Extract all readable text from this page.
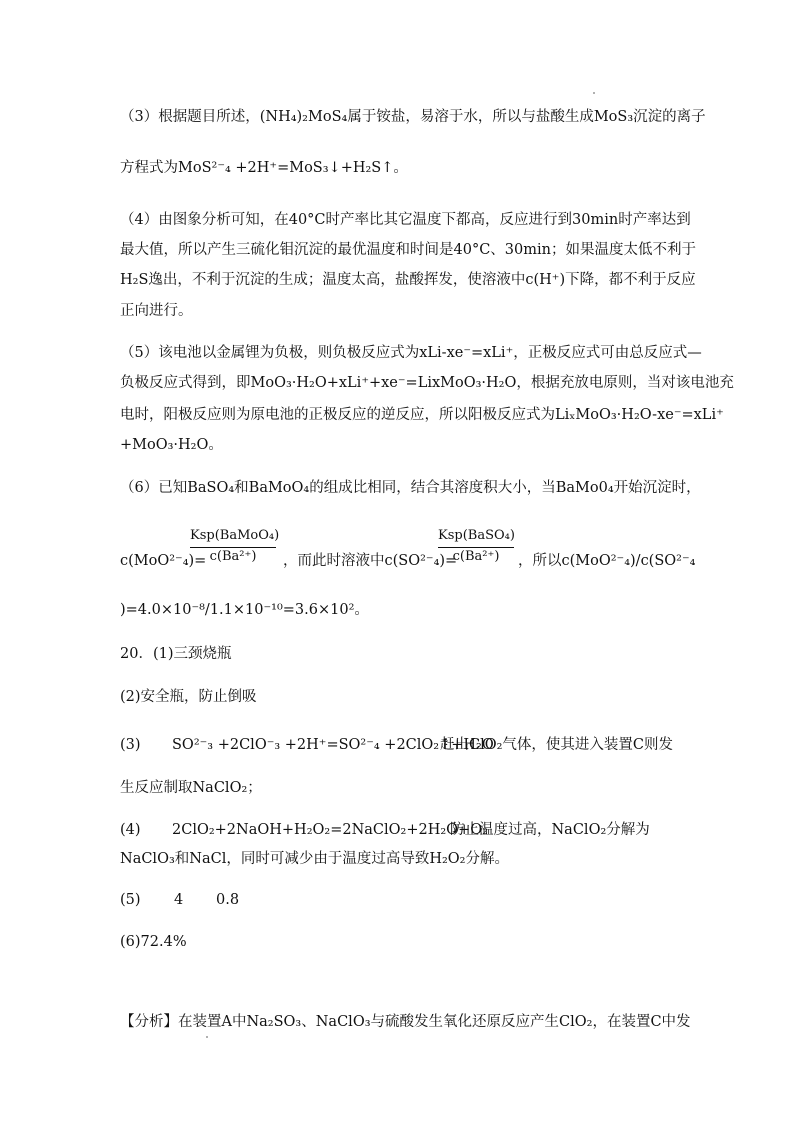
（3）根据题目所述，(NH₄)₂MoS₄属于铵盐，易溶于水，所以与盐酸生成MoS₃沉淀的离子
方程式为MoS²⁻₄ +2H⁺=MoS₃↓+H₂S↑。
（4）由图象分析可知，在40°C时产率比其它温度下都高，反应进行到30min时产率达到
最大值，所以产生三硫化钼沉淀的最优温度和时间是40°C、30min；如果温度太低不利于
H₂S逸出，不利于沉淀的生成；温度太高，盐酸挥发，使溶液中c(H⁺)下降，都不利于反应
正向进行。
（5）该电池以金属锂为负极，则负极反应式为xLi-xe⁻=xLi⁺，正极反应式可由总反应式—
负极反应式得到，即MoO₃·H₂O+xLi⁺+xe⁻=LixMoO₃·H₂O，根据充放电原则，当对该电池充
电时，阳极反应则为原电池的正极反应的逆反应，所以阳极反应式为LiₓMoO₃·H₂O-xe⁻=xLi⁺
+MoO₃·H₂O。
（6）已知BaSO₄和BaMoO₄的组成比相同，结合其溶度积大小，当BaMo0₄开始沉淀时，
c(MoO²⁻₄)=
Ksp(BaMoO₄)
c(Ba²⁺)	，而此时溶液中c(SO²⁻₄)=
Ksp(BaSO₄)
c(Ba²⁺)	，所以c(MoO²⁻₄)/c(SO²⁻₄
)=4.0×10⁻⁸/1.1×10⁻¹⁰=3.6×10²。
20．(1)三颈烧瓶
(2)安全瓶，防止倒吸
(3)	SO²⁻₃ +2ClO⁻₃ +2H⁺=SO²⁻₄ +2ClO₂↑+H₂O
赶出ClO₂气体，使其进入装置C则发
生反应制取NaClO₂；
(4)	2ClO₂+2NaOH+H₂O₂=2NaClO₂+2H₂O+O₂
防止温度过高，NaClO₂分解为
NaClO₃和NaCl，同时可减少由于温度过高导致H₂O₂分解。
(5)	4	0.8
(6)72.4%
【分析】在装置A中Na₂SO₃、NaClO₃与硫酸发生氧化还原反应产生ClO₂，在装置C中发
